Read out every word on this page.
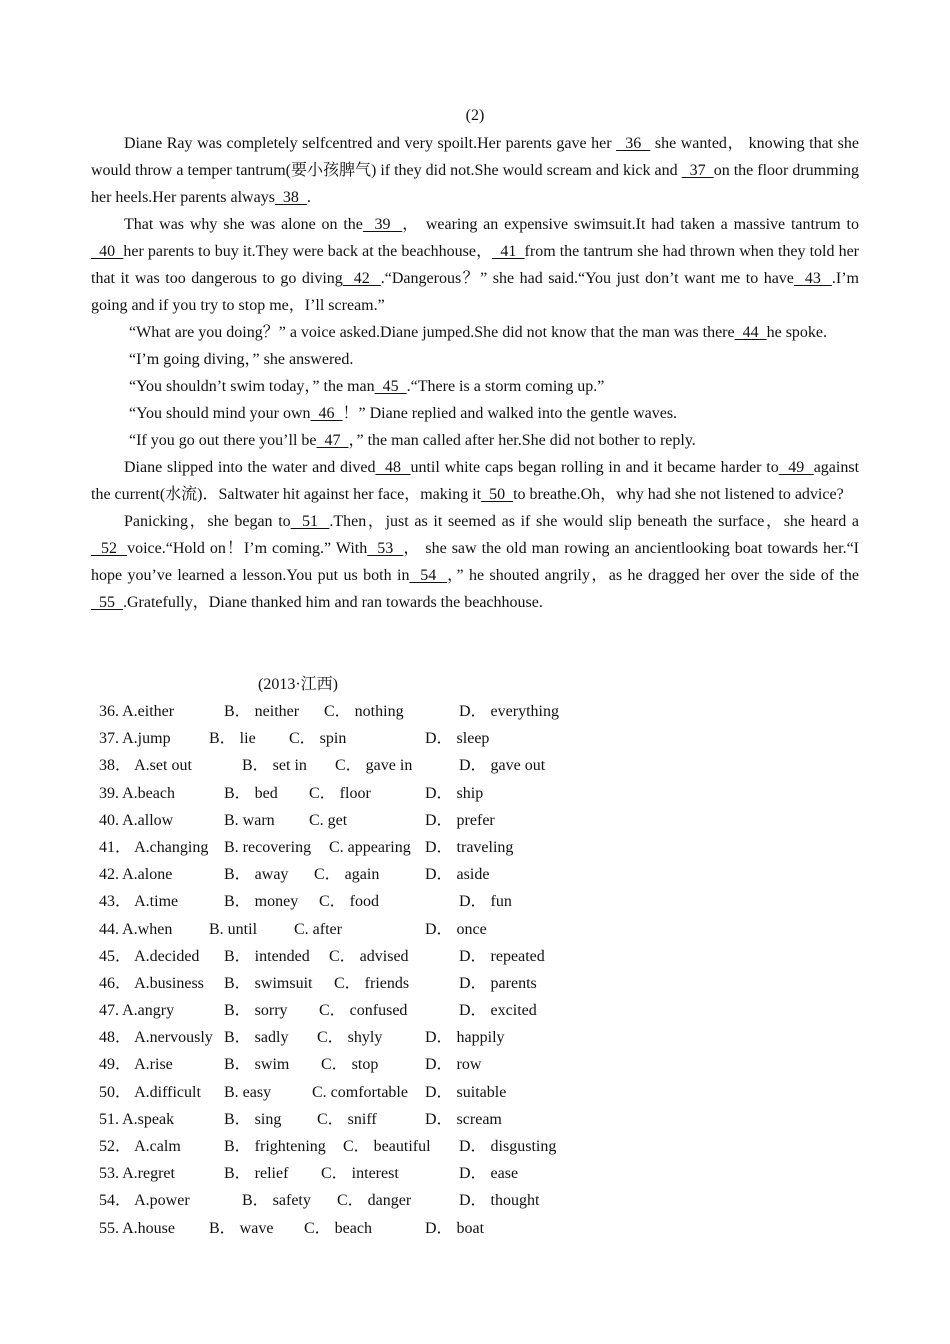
(2)

Diane Ray was completely selfcentred and very spoilt.Her parents gave her   36   she wanted， knowing that she would throw a temper tantrum(要小孩脾气) if they did not.She would scream and kick and   37  on the floor drumming her heels.Her parents always  38  .

That was why she was alone on the  39  ， wearing an expensive swimsuit.It had taken a massive tantrum to  40  her parents to buy it.They were back at the beachhouse，  41  from the tantrum she had thrown when they told her that it was too dangerous to go diving  42  .“Dangerous？” she had said.“You just don’t want me to have  43  .I’m going and if you try to stop me，I’ll scream.”

“What are you doing？” a voice asked.Diane jumped.She did not know that the man was there  44  he spoke.

“I’m going diving，” she answered.

“You shouldn’t swim today，” the man  45  .“There is a storm coming up.”

“You should mind your own  46  ！” Diane replied and walked into the gentle waves.

“If you go out there you’ll be  47  ，” the man called after her.She did not bother to reply.

Diane slipped into the water and dived  48  until white caps began rolling in and it became harder to  49  against the current(水流)．Saltwater hit against her face，making it  50  to breathe.Oh，why had she not listened to advice?

Panicking，she began to  51  .Then，just as it seemed as if she would slip beneath the surface，she heard a  52  voice.“Hold on！I’m coming.” With  53  ， she saw the old man rowing an ancientlooking boat towards her.“I hope you’ve learned a lesson.You put us both in  54  ，” he shouted angrily，as he dragged her over the side of the  55  .Gratefully，Diane thanked him and ran towards the beachhouse.

(2013·江西)
36. A.either	B． neither C． nothing	D． everything
37. A.jump B． lie C． spin	D． sleep
38． A.set out	B． set in C． gave in	D． gave out
39. A.beach	B． bed C． floor	D． ship
40. A.allow	B. warn C. get	D． prefer
41． A.changing B. recovering C. appearing D． traveling
42. A.alone	B． away C． again	D． aside
43． A.time	B． money C． food	D． fun
44. A.when B. until C. after	D． once
45． A.decided B． intended C． advised	D． repeated
46． A.business B． swimsuit C． friends	D． parents
47. A.angry	B． sorry C． confused	D． excited
48． A.nervously B． sadly C． shyly	D． happily
49． A.rise	B． swim C． stop	D． row
50． A.difficult B. easy	C. comfortable D． suitable
51. A.speak	B． sing C． sniff	D． scream
52． A.calm	B． frightening C． beautiful D． disgusting
53. A.regret	B． relief C． interest	D． ease
54． A.power	B． safety C． danger	D． thought
55. A.house B． wave C． beach	D． boat
